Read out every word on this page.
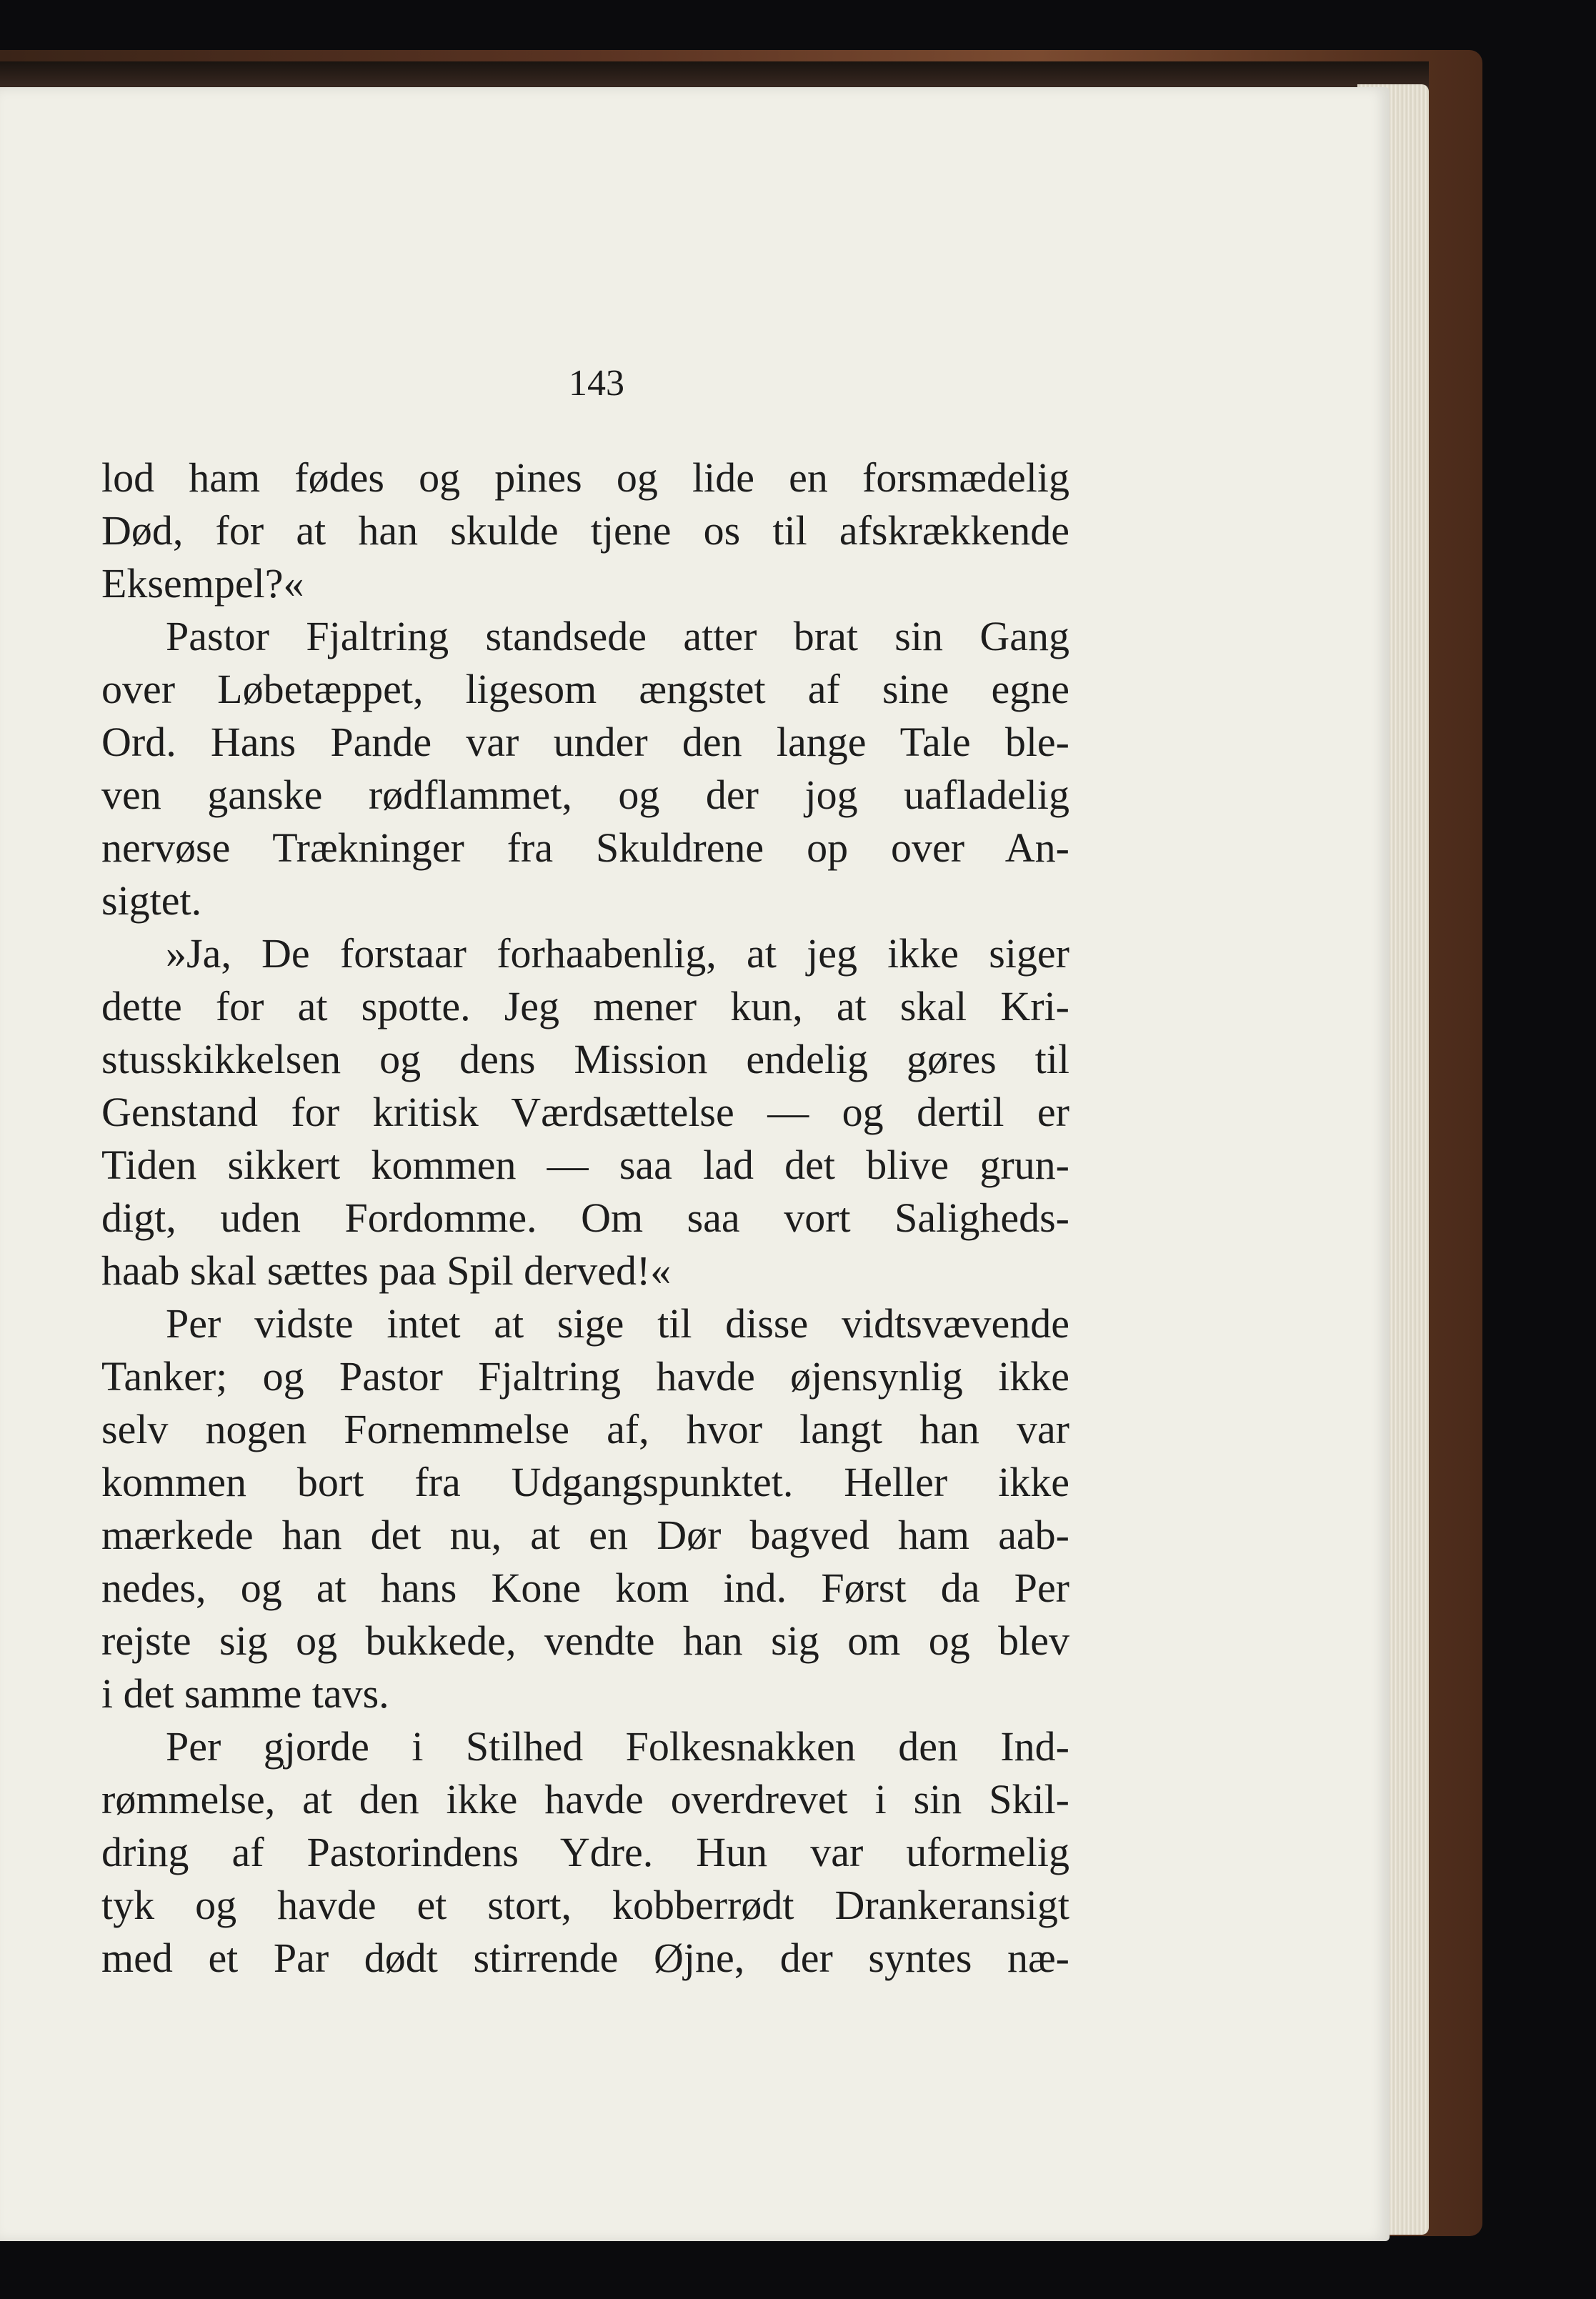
143
lod ham fødes og pines og lide en forsmædelig
Død, for at han skulde tjene os til afskrækkende
Eksempel?«
Pastor Fjaltring standsede atter brat sin Gang
over Løbetæppet, ligesom ængstet af sine egne
Ord. Hans Pande var under den lange Tale ble-
ven ganske rødflammet, og der jog uafladelig
nervøse Trækninger fra Skuldrene op over An-
sigtet.
»Ja, De forstaar forhaabenlig, at jeg ikke siger
dette for at spotte. Jeg mener kun, at skal Kri-
stusskikkelsen og dens Mission endelig gøres til
Genstand for kritisk Værdsættelse — og dertil er
Tiden sikkert kommen — saa lad det blive grun-
digt, uden Fordomme. Om saa vort Saligheds-
haab skal sættes paa Spil derved!«
Per vidste intet at sige til disse vidtsvævende
Tanker; og Pastor Fjaltring havde øjensynlig ikke
selv nogen Fornemmelse af, hvor langt han var
kommen bort fra Udgangspunktet. Heller ikke
mærkede han det nu, at en Dør bagved ham aab-
nedes, og at hans Kone kom ind. Først da Per
rejste sig og bukkede, vendte han sig om og blev
i det samme tavs.
Per gjorde i Stilhed Folkesnakken den Ind-
rømmelse, at den ikke havde overdrevet i sin Skil-
dring af Pastorindens Ydre. Hun var uformelig
tyk og havde et stort, kobberrødt Drankeransigt
med et Par dødt stirrende Øjne, der syntes næ-
